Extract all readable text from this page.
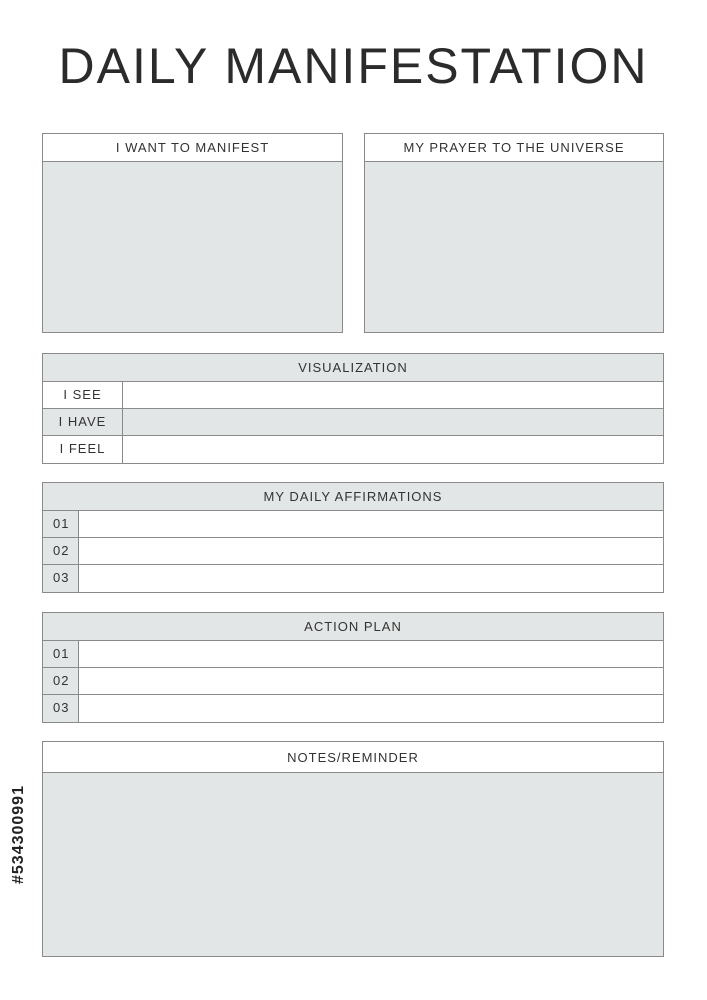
DAILY MANIFESTATION
I WANT TO MANIFEST	MY PRAYER TO THE UNIVERSE
VISUALIZATION
I SEE
I HAVE
I FEEL
MY DAILY AFFIRMATIONS
01
02
03
ACTION PLAN
01
02
03
NOTES/REMINDER
#534300991
